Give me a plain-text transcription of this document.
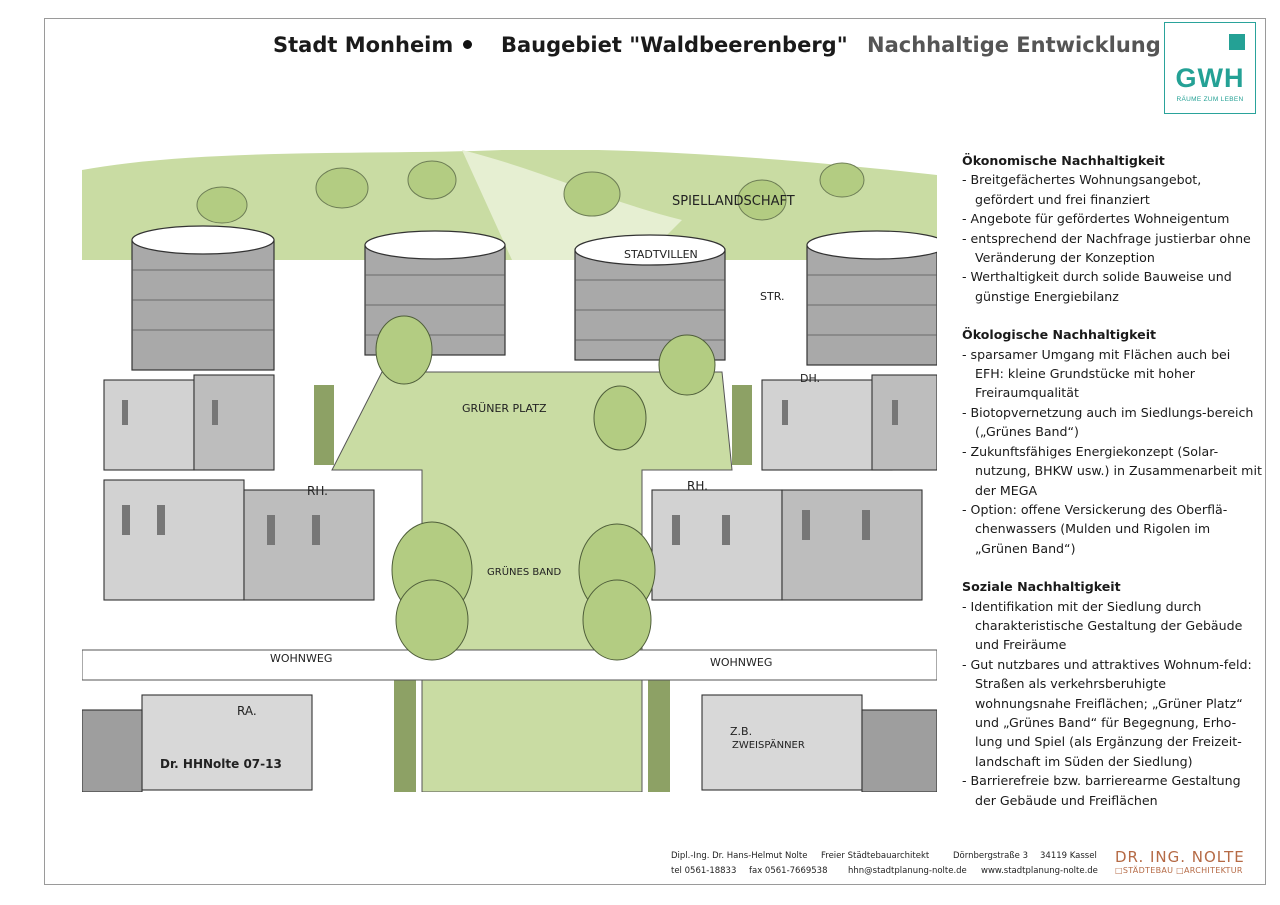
Stadt Monheim Baugebiet "Waldbeerenberg" Nachhaltige Entwicklung
GWH
RÄUME ZUM LEBEN
SPIELLANDSCHAFT
STADTVILLEN
STR.
DH.
GRÜNER PLATZ
RH.	RH.
GRÜNES BAND
WOHNWEG	WOHNWEG
RA.
Z.B.
ZWEISPÄNNER
Dr. HHNolte 07-13
Ökonomische Nachhaltigkeit
- Breitgefächertes Wohnungsangebot, gefördert und frei finanziert
- Angebote für gefördertes Wohneigentum
- entsprechend der Nachfrage justierbar ohne Veränderung der Konzeption
- Werthaltigkeit durch solide Bauweise und günstige Energiebilanz
Ökologische Nachhaltigkeit
- sparsamer Umgang mit Flächen auch bei EFH: kleine Grundstücke mit hoher Freiraumqualität
- Biotopvernetzung auch im Siedlungs-bereich („Grünes Band“)
- Zukunftsfähiges Energiekonzept (Solar-nutzung, BHKW usw.) in Zusammenarbeit mit der MEGA
- Option: offene Versickerung des Oberflä-chenwassers (Mulden und Rigolen im „Grünen Band“)
Soziale Nachhaltigkeit
- Identifikation mit der Siedlung durch charakteristische Gestaltung der Gebäude und Freiräume
- Gut nutzbares und attraktives Wohnum-feld: Straßen als verkehrsberuhigte wohnungsnahe Freiflächen; „Grüner Platz“ und „Grünes Band“ für Begegnung, Erho-lung und Spiel (als Ergänzung der Freizeit-landschaft im Süden der Siedlung)
- Barrierefreie bzw. barrierearme Gestaltung der Gebäude und Freiflächen
Dipl.-Ing. Dr. Hans-Helmut Nolte Freier Städtebauarchitekt	Dörnbergstraße 3 34119 Kassel
tel 0561-18833 fax 0561-7669538 hhn@stadtplanung-nolte.de www.stadtplanung-nolte.de
DR. ING. NOLTE
□STÄDTEBAU □ARCHITEKTUR
